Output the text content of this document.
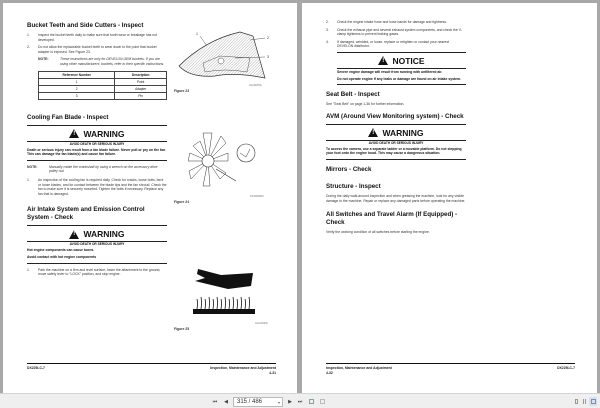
Bucket Teeth and Side Cutters - Inspect
1.	Inspect the bucket teeth daily to make sure that tooth wear or breakage has not developed.
2.	Do not allow the replaceable bucket teeth to wear down to the point that bucket adapter is exposed. See Figure 23.
NOTE:	These instructions are only for DEVELON OEM buckets. If you are using other manufacturers' buckets, refer to their specific instructions.
Reference Number	Description
1	Point
2	Adapter
3	Pin
Cooling Fan Blade - Inspect
!
WARNING
AVOID DEATH OR SERIOUS INJURY
Death or serious injury can result from a fan blade failure. Never pull or pry on the fan. This can damage the fan blade(s) and cause fan failure.
NOTE:	Manually rotate the crankshaft by using a wrench on the accessory drive pulley nut.
1.	An inspection of the cooling fan is required daily. Check for cracks, loose bolts, bent or loose blades, and for contact between the blade tips and the fan shroud. Check the fan to make sure it is securely mounted. Tighten the bolts if necessary. Replace any fan that is damaged.
Air Intake System and Emission Control System - Check
!
WARNING
AVOID DEATH OR SERIOUS INJURY
Hot engine components can cause burns.
Avoid contact with hot engine components
1.	Park the machine on a firm and level surface, lower the attachment to the ground, move safety lever to "LOCK" position, and stop engine.
1
2
3
HAOE870L
Figure 23
DS1900845
Figure 24
HAOA530L
Figure 25
DX225LC-7	Inspection, Maintenance and Adjustment
4-31
2.	Check the engine intake hose and hose bands for damage and tightness.
3.	Check the exhaust pipe and several exhaust system components, and check the V-clamp tightness to prevent leaking gases.
4.	If damaged, wrinkled, or loose, replace or retighten or contact your nearest DEVELON distributor.
!
NOTICE
Severe engine damage will result from running with unfiltered air.
Do not operate engine if any leaks or damage are found on air intake system.
Seat Belt - Inspect
See "Seat Belt" on page 1-36 for further information.
AVM (Around View Monitoring system) - Check
!
WARNING
AVOID DEATH OR SERIOUS INJURY
To access the camera, use a separate ladder or a movable platform. Do not stepping your foot onto the engine hood. This may cause a dangerous situation.
Mirrors - Check
Structure - Inspect
During the daily walk-around inspection and when greasing the machine, look for any visible damage to the machine. Repair or replace any damaged parts before operating the machine.
All Switches and Travel Alarm (If Equipped) - Check
Verify the working condition of all switches before starting the engine.
DX225LC-7
Inspection, Maintenance and Adjustment
4-32
⏮ ◀	315 / 486	▾ ▶ ⏭
